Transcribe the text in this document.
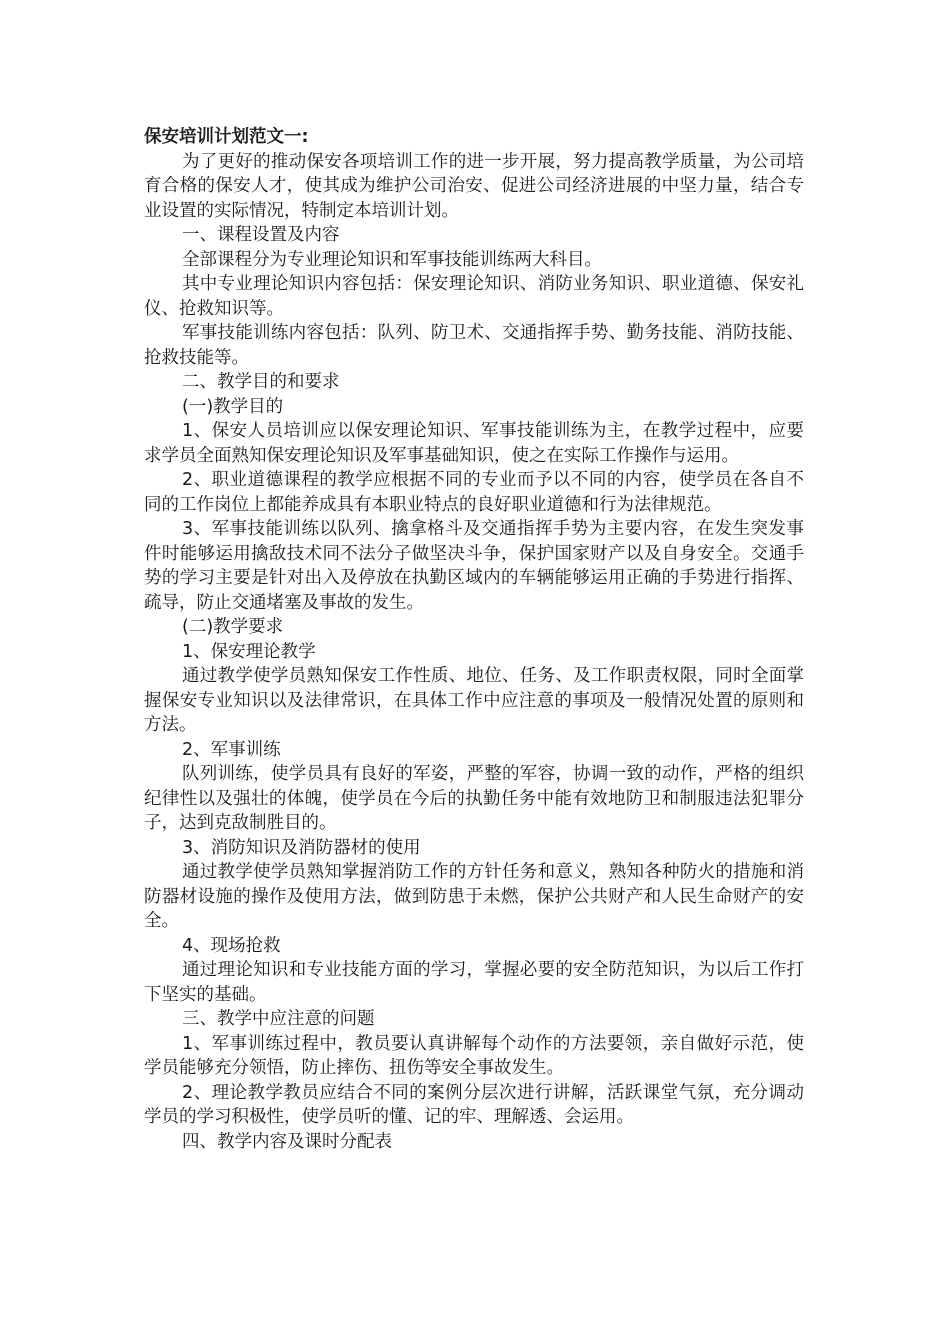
保安培训计划范文一:

为了更好的推动保安各项培训工作的进一步开展，努力提高教学质量，为公司培育合格的保安人才，使其成为维护公司治安、促进公司经济进展的中坚力量，结合专业设置的实际情况，特制定本培训计划。

一、课程设置及内容

全部课程分为专业理论知识和军事技能训练两大科目。

其中专业理论知识内容包括：保安理论知识、消防业务知识、职业道德、保安礼仪、抢救知识等。

军事技能训练内容包括：队列、防卫术、交通指挥手势、勤务技能、消防技能、抢救技能等。

二、教学目的和要求

(一)教学目的

1、保安人员培训应以保安理论知识、军事技能训练为主，在教学过程中，应要求学员全面熟知保安理论知识及军事基础知识，使之在实际工作操作与运用。

2、职业道德课程的教学应根据不同的专业而予以不同的内容，使学员在各自不同的工作岗位上都能养成具有本职业特点的良好职业道德和行为法律规范。

3、军事技能训练以队列、擒拿格斗及交通指挥手势为主要内容，在发生突发事件时能够运用擒敌技术同不法分子做坚决斗争，保护国家财产以及自身安全。交通手势的学习主要是针对出入及停放在执勤区域内的车辆能够运用正确的手势进行指挥、疏导，防止交通堵塞及事故的发生。

(二)教学要求

1、保安理论教学

通过教学使学员熟知保安工作性质、地位、任务、及工作职责权限，同时全面掌握保安专业知识以及法律常识，在具体工作中应注意的事项及一般情况处置的原则和方法。

2、军事训练

队列训练，使学员具有良好的军姿，严整的军容，协调一致的动作，严格的组织纪律性以及强壮的体魄，使学员在今后的执勤任务中能有效地防卫和制服违法犯罪分子，达到克敌制胜目的。

3、消防知识及消防器材的使用

通过教学使学员熟知掌握消防工作的方针任务和意义，熟知各种防火的措施和消防器材设施的操作及使用方法，做到防患于未燃，保护公共财产和人民生命财产的安全。

4、现场抢救

通过理论知识和专业技能方面的学习，掌握必要的安全防范知识，为以后工作打下坚实的基础。

三、教学中应注意的问题

1、军事训练过程中，教员要认真讲解每个动作的方法要领，亲自做好示范，使学员能够充分领悟，防止摔伤、扭伤等安全事故发生。

2、理论教学教员应结合不同的案例分层次进行讲解，活跃课堂气氛，充分调动学员的学习积极性，使学员听的懂、记的牢、理解透、会运用。

四、教学内容及课时分配表
